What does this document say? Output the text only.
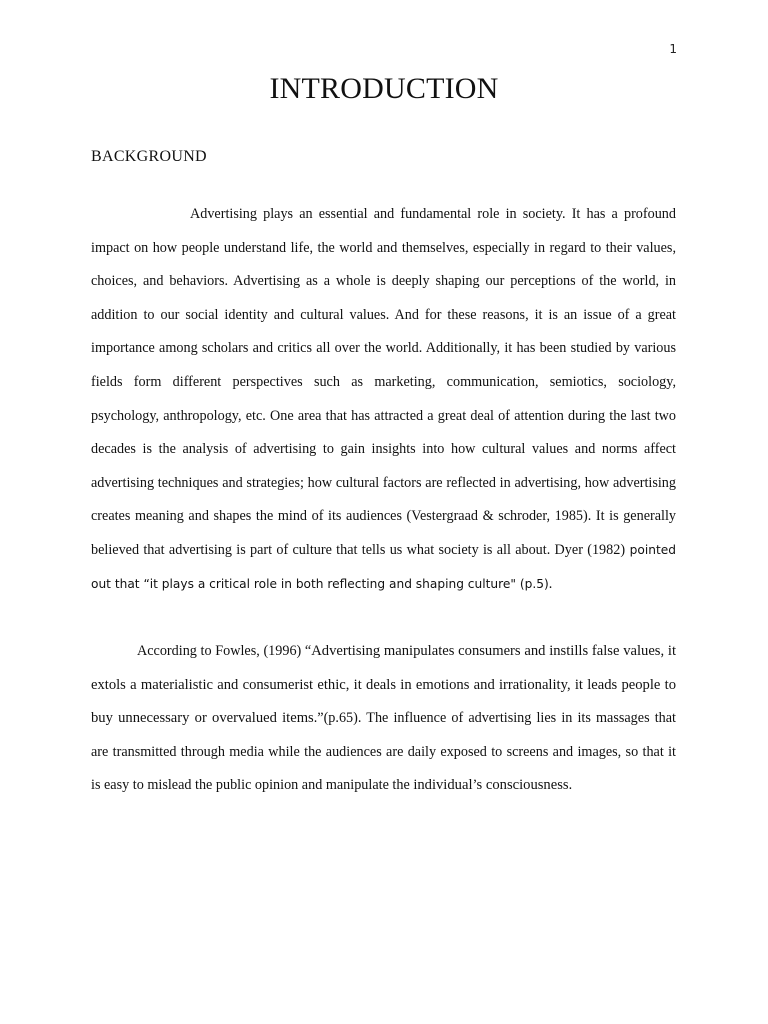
1
INTRODUCTION
BACKGROUND

Advertising plays an essential and fundamental role in society. It has a profound impact on how people understand life, the world and themselves, especially in regard to their values, choices, and behaviors. Advertising as a whole is deeply shaping our perceptions of the world, in addition to our social identity and cultural values. And for these reasons, it is an issue of a great importance among scholars and critics all over the world. Additionally, it has been studied by various fields form different perspectives such as marketing, communication, semiotics, sociology, psychology, anthropology, etc. One area that has attracted a great deal of attention during the last two decades is the analysis of advertising to gain insights into how cultural values and norms affect advertising techniques and strategies; how cultural factors are reflected in advertising, how advertising creates meaning and shapes the mind of its audiences (Vestergraad & schroder, 1985). It is generally believed that advertising is part of culture that tells us what society is all about. Dyer (1982) pointed out that “it plays a critical role in both reflecting and shaping culture" (p.5).

According to Fowles, (1996) “Advertising manipulates consumers and instills false values, it extols a materialistic and consumerist ethic, it deals in emotions and irrationality, it leads people to buy unnecessary or overvalued items.”(p.65). The influence of advertising lies in its massages that are transmitted through media while the audiences are daily exposed to screens and images, so that it is easy to mislead the public opinion and manipulate the individual’s consciousness.
